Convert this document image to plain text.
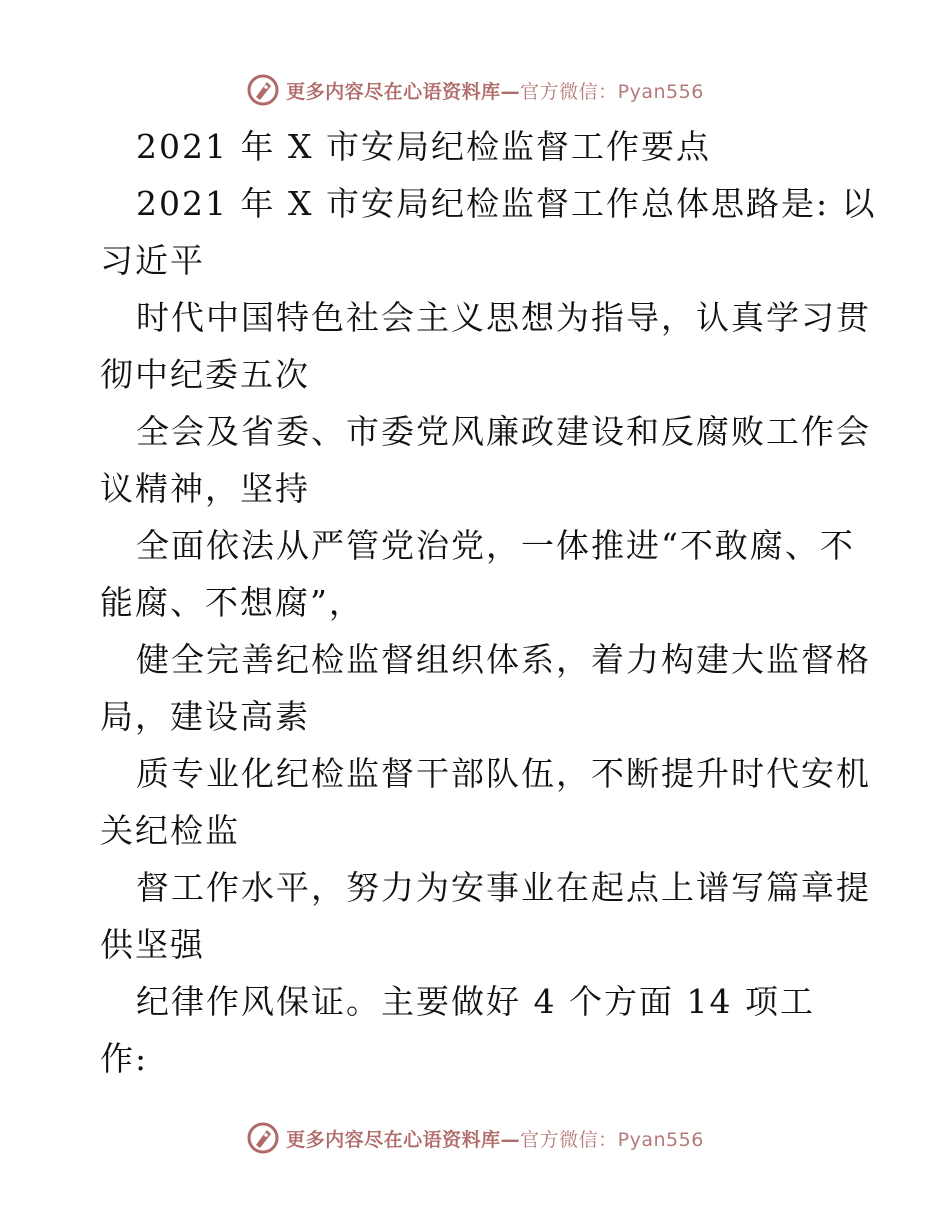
更多内容尽在心语资料库—官方微信：Pyan556
2021 年 X 市安局纪检监督工作要点
2021 年 X 市安局纪检监督工作总体思路是: 以
习近平
时代中国特色社会主义思想为指导，认真学习贯
彻中纪委五次
全会及省委、市委党风廉政建设和反腐败工作会
议精神，坚持
全面依法从严管党治党，一体推进“不敢腐、不
能腐、不想腐”，
健全完善纪检监督组织体系，着力构建大监督格
局，建设高素
质专业化纪检监督干部队伍，不断提升时代安机
关纪检监
督工作水平，努力为安事业在起点上谱写篇章提
供坚强
纪律作风保证。主要做好 4 个方面 14 项工
作:
更多内容尽在心语资料库—官方微信：Pyan556
